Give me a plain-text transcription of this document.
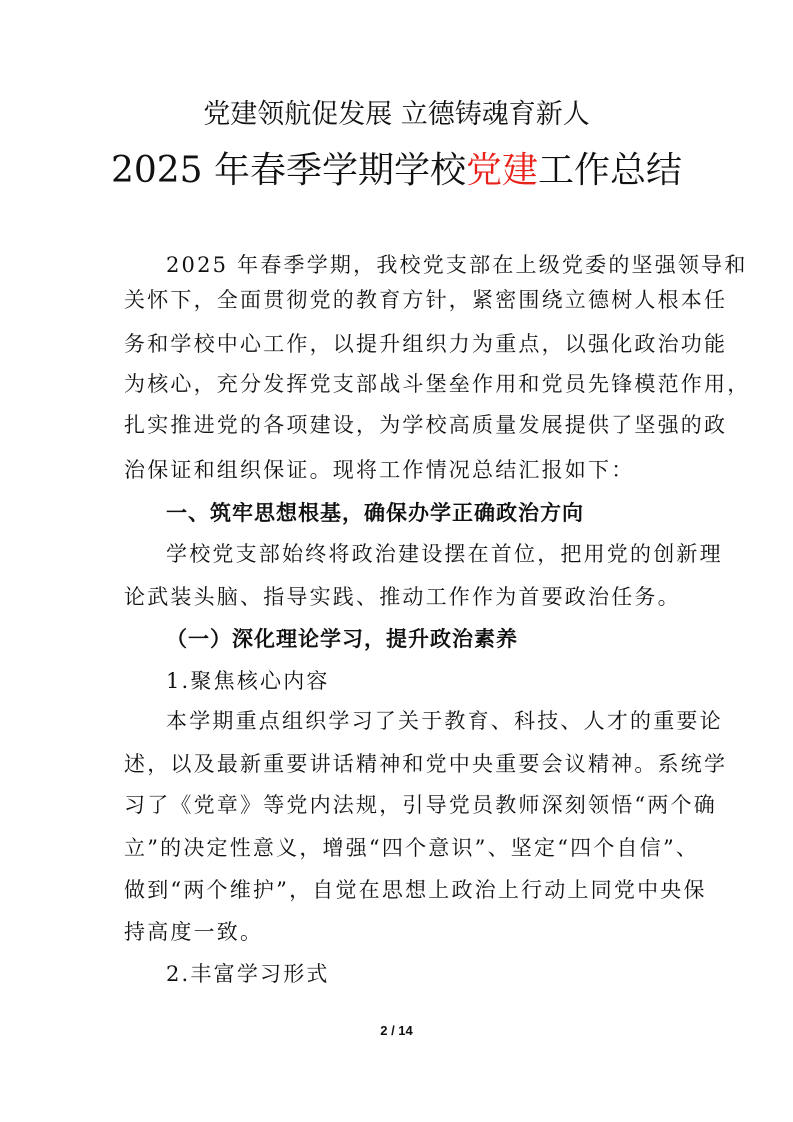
党建领航促发展 立德铸魂育新人
2025 年春季学期学校党建工作总结
2025 年春季学期，我校党支部在上级党委的坚强领导和
关怀下，全面贯彻党的教育方针，紧密围绕立德树人根本任
务和学校中心工作，以提升组织力为重点，以强化政治功能
为核心，充分发挥党支部战斗堡垒作用和党员先锋模范作用，
扎实推进党的各项建设，为学校高质量发展提供了坚强的政
治保证和组织保证。现将工作情况总结汇报如下：
一、筑牢思想根基，确保办学正确政治方向
学校党支部始终将政治建设摆在首位，把用党的创新理
论武装头脑、指导实践、推动工作作为首要政治任务。
（一）深化理论学习，提升政治素养
1.聚焦核心内容
本学期重点组织学习了关于教育、科技、人才的重要论
述，以及最新重要讲话精神和党中央重要会议精神。系统学
习了《党章》等党内法规，引导党员教师深刻领悟“两个确
立”的决定性意义，增强“四个意识”、坚定“四个自信”、
做到“两个维护”，自觉在思想上政治上行动上同党中央保
持高度一致。
2.丰富学习形式
2 / 14
